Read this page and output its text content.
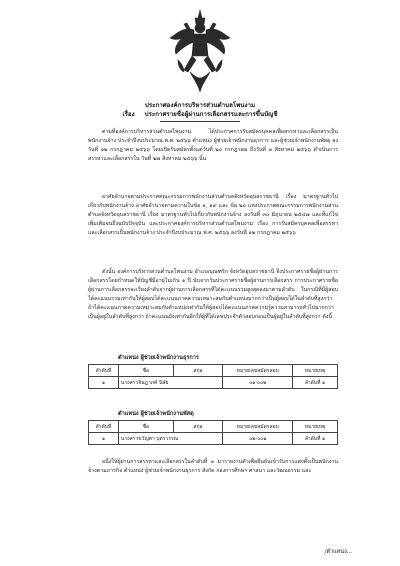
ประกาศองค์การบริหารส่วนตำบลโพนงาม
เรื่อง ประกาศรายชื่อผู้ผ่านการเลือกสรรและการขึ้นบัญชี
ตามที่องค์การบริหารส่วนตำบลโพนงาม ได้ประกาศการรับสมัครบุคคลเพื่อสรรหาและเลือกสรรเป็นพนักงานจ้าง ประจำปีงบประมาณ พ.ศ. ๒๕๖๖ ตำแหน่ง ผู้ช่วยเจ้าพนักงานธุรการ และผู้ช่วยเจ้าพนักงานพัสดุ ลงวันที่ ๑๒ กรกฎาคม ๒๕๖๖ โดยเปิดรับสมัครตั้งแต่วันที่ ๒๐ กรกฎาคม ถึงวันที่ ๓ สิงหาคม ๒๕๖๖ ดำเนินการสรรหาและเลือกสรรใน วันที่ ๒๗ สิงหาคม ๒๕๖๖ นั้น
อาศัยอำนาจตามประกาศคณะกรรมการพนักงานส่วนตำบลจังหวัดอุบลราชธานี เรื่อง มาตรฐานทั่วไปเกี่ยวกับพนักงานจ้าง อาศัยอำนาจตามความในข้อ ๑, ๑๙ และ ข้อ ๒๐ แห่งประกาศคณะกรรมการพนักงานส่วนตำบลจังหวัดอุบลราชธานี เรื่อง มาตรฐานทั่วไปเกี่ยวกับพนักงานจ้าง ลงวันที่ ๓๐ มิถุนายน ๒๕๔๗ และที่แก้ไขเพิ่มเติมจนถึงฉบับปัจจุบัน และประกาศองค์การบริหารส่วนตำบลโพนงาม เรื่อง การรับสมัครบุคคลเพื่อสรรหาและเลือกสรรเป็นพนักงานจ้าง ประจำปีงบประมาณ พ.ศ. ๒๕๖๖ ลงวันที่ ๑๒ กรกฎาคม ๒๕๖๖
ดังนั้น องค์การบริหารส่วนตำบลโพนงาม อำเภอบุณฑริก จังหวัดอุบลราชธานี จึงประกาศรายชื่อผู้ผ่านการเลือกสรรโดยกำหนดให้บัญชีมีอายุไม่เกิน ๑ ปี นับจากวันประกาศรายชื่อผู้ผ่านการเลือกสรร การประกาศรายชื่อผู้ผ่านการเลือกสรรจะเรียงลำดับจากผู้ผ่านการเลือกสรรที่ได้คะแนนรวมสูงสุดลงมาตามลำดับ ในกรณีที่มีผู้สอบได้คะแนนรวมเท่ากันให้ผู้สอบได้คะแนนภาคความเหมาะสมกับตำแหน่งมากกว่าเป็นผู้สอบได้ในลำดับที่สูงกว่า ถ้าได้คะแนนภาคความเหมาะสมกับตำแหน่งเท่ากันให้ผู้สอบได้คะแนนภาคความรู้ความสามารถทั่วไปมากกว่าเป็นผู้อยู่ในลำดับที่สูงกว่า ถ้าคะแนนยังเท่ากันอีกให้ผู้ที่ได้เลขประจำตัวสอบก่อนเป็นผู้อยู่ในลำดับที่สูงกว่า ดังนี้
ตำแหน่ง ผู้ช่วยเจ้าพนักงานธุรการ
ลำดับที่	ชื่อ	สกุล	หมายเลขสมัครสอบ	หมายเหตุ
๑	นางสาวจินฎาภค์ นิลัย		๐๑-๐๐๒	ลำดับที่ ๑
ตำแหน่ง ผู้ช่วยเจ้าพนักงานพัสดุ
ลำดับที่	ชื่อ	สกุล	หมายเลขสมัครสอบ	หมายเหตุ
๑	นางสาวขวัญตา บุตรวรรณ		๐๒-๐๐๑	ลำดับที่ ๑
อนึ่งให้ผู้ผ่านการสรรหาและเลือกสรรในลำดับที่ ๑ มารายงานตัวเพื่อยืนยันเข้ารับการแต่งตั้งเป็นพนักงานจ้างตามภารกิจ ตำแหน่ง ผู้ช่วยเจ้าพนักงานธุรการ สังกัด กองการศึกษา ศาสนา และวัฒนธรรม และ
/ตำแหน่ง...
